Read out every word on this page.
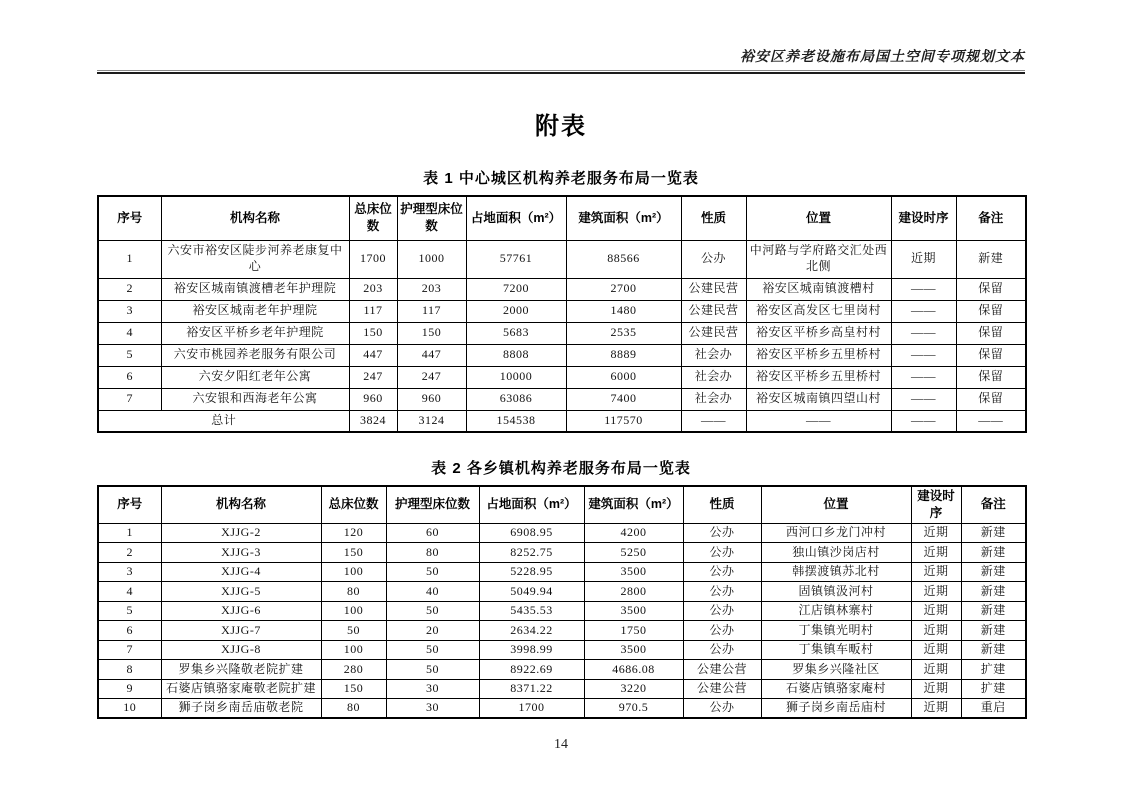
裕安区养老设施布局国土空间专项规划文本
附表
表 1 中心城区机构养老服务布局一览表
序号	机构名称	总床位数	护理型床位数	占地面积（m²）	建筑面积（m²）	性质	位置	建设时序	备注
1	六安市裕安区陡步河养老康复中心	1700	1000	57761	88566	公办	中河路与学府路交汇处西北侧	近期	新建
2	裕安区城南镇渡槽老年护理院	203	203	7200	2700	公建民营	裕安区城南镇渡槽村	——	保留
3	裕安区城南老年护理院	117	117	2000	1480	公建民营	裕安区高发区七里岗村	——	保留
4	裕安区平桥乡老年护理院	150	150	5683	2535	公建民营	裕安区平桥乡高皇村村	——	保留
5	六安市桃园养老服务有限公司	447	447	8808	8889	社会办	裕安区平桥乡五里桥村	——	保留
6	六安夕阳红老年公寓	247	247	10000	6000	社会办	裕安区平桥乡五里桥村	——	保留
7	六安银和西海老年公寓	960	960	63086	7400	社会办	裕安区城南镇四望山村	——	保留
总计		3824	3124	154538	117570	——	——	——	——
表 2 各乡镇机构养老服务布局一览表
序号	机构名称	总床位数	护理型床位数	占地面积（m²）	建筑面积（m²）	性质	位置	建设时序	备注
1	XJJG-2	120	60	6908.95	4200	公办	西河口乡龙门冲村	近期	新建
2	XJJG-3	150	80	8252.75	5250	公办	独山镇沙岗店村	近期	新建
3	XJJG-4	100	50	5228.95	3500	公办	韩摆渡镇苏北村	近期	新建
4	XJJG-5	80	40	5049.94	2800	公办	固镇镇汲河村	近期	新建
5	XJJG-6	100	50	5435.53	3500	公办	江店镇林寨村	近期	新建
6	XJJG-7	50	20	2634.22	1750	公办	丁集镇光明村	近期	新建
7	XJJG-8	100	50	3998.99	3500	公办	丁集镇车畈村	近期	新建
8	罗集乡兴隆敬老院扩建	280	50	8922.69	4686.08	公建公营	罗集乡兴隆社区	近期	扩建
9	石婆店镇骆家庵敬老院扩建	150	30	8371.22	3220	公建公营	石婆店镇骆家庵村	近期	扩建
10	狮子岗乡南岳庙敬老院	80	30	1700	970.5	公办	狮子岗乡南岳庙村	近期	重启
14
